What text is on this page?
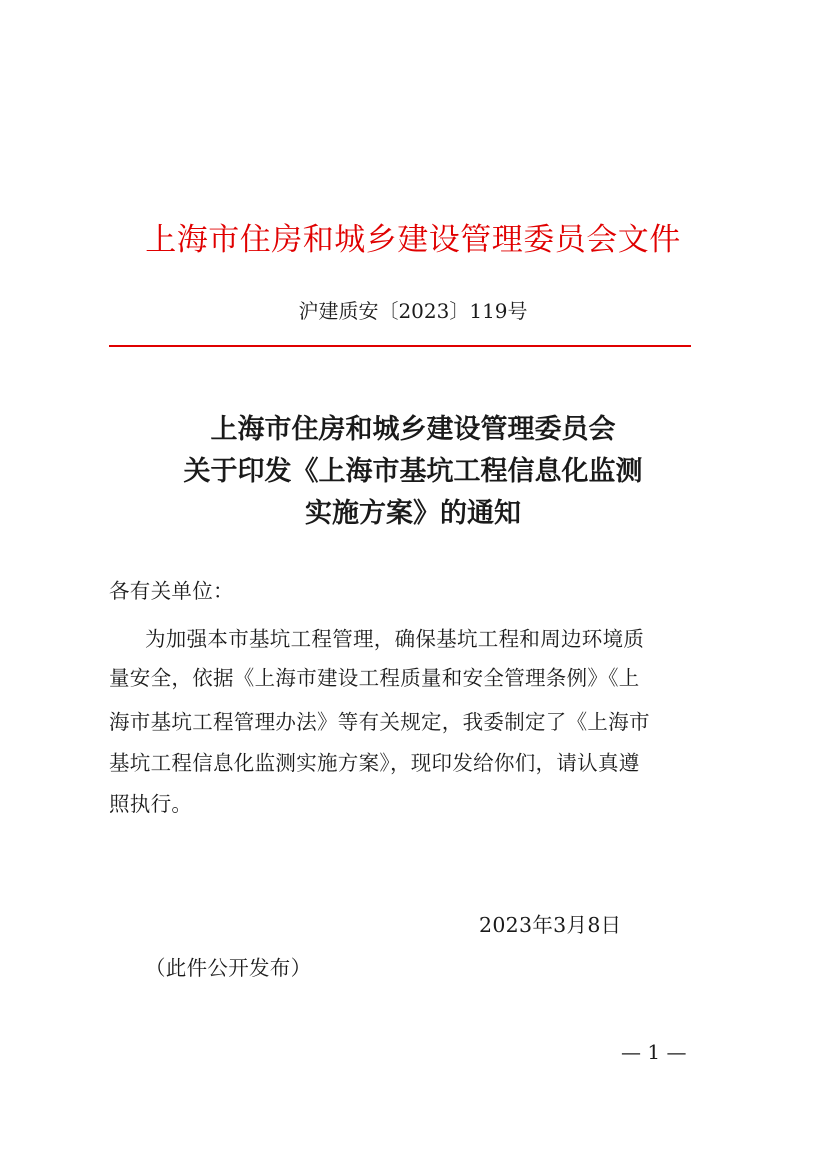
上海市住房和城乡建设管理委员会文件
沪建质安〔2023〕119号
上海市住房和城乡建设管理委员会
关于印发《上海市基坑工程信息化监测
实施方案》的通知
各有关单位：
为加强本市基坑工程管理，确保基坑工程和周边环境质
量安全，依据《上海市建设工程质量和安全管理条例》《上
海市基坑工程管理办法》等有关规定，我委制定了《上海市
基坑工程信息化监测实施方案》，现印发给你们，请认真遵
照执行。
2023年3月8日
（此件公开发布）
— 1 —
